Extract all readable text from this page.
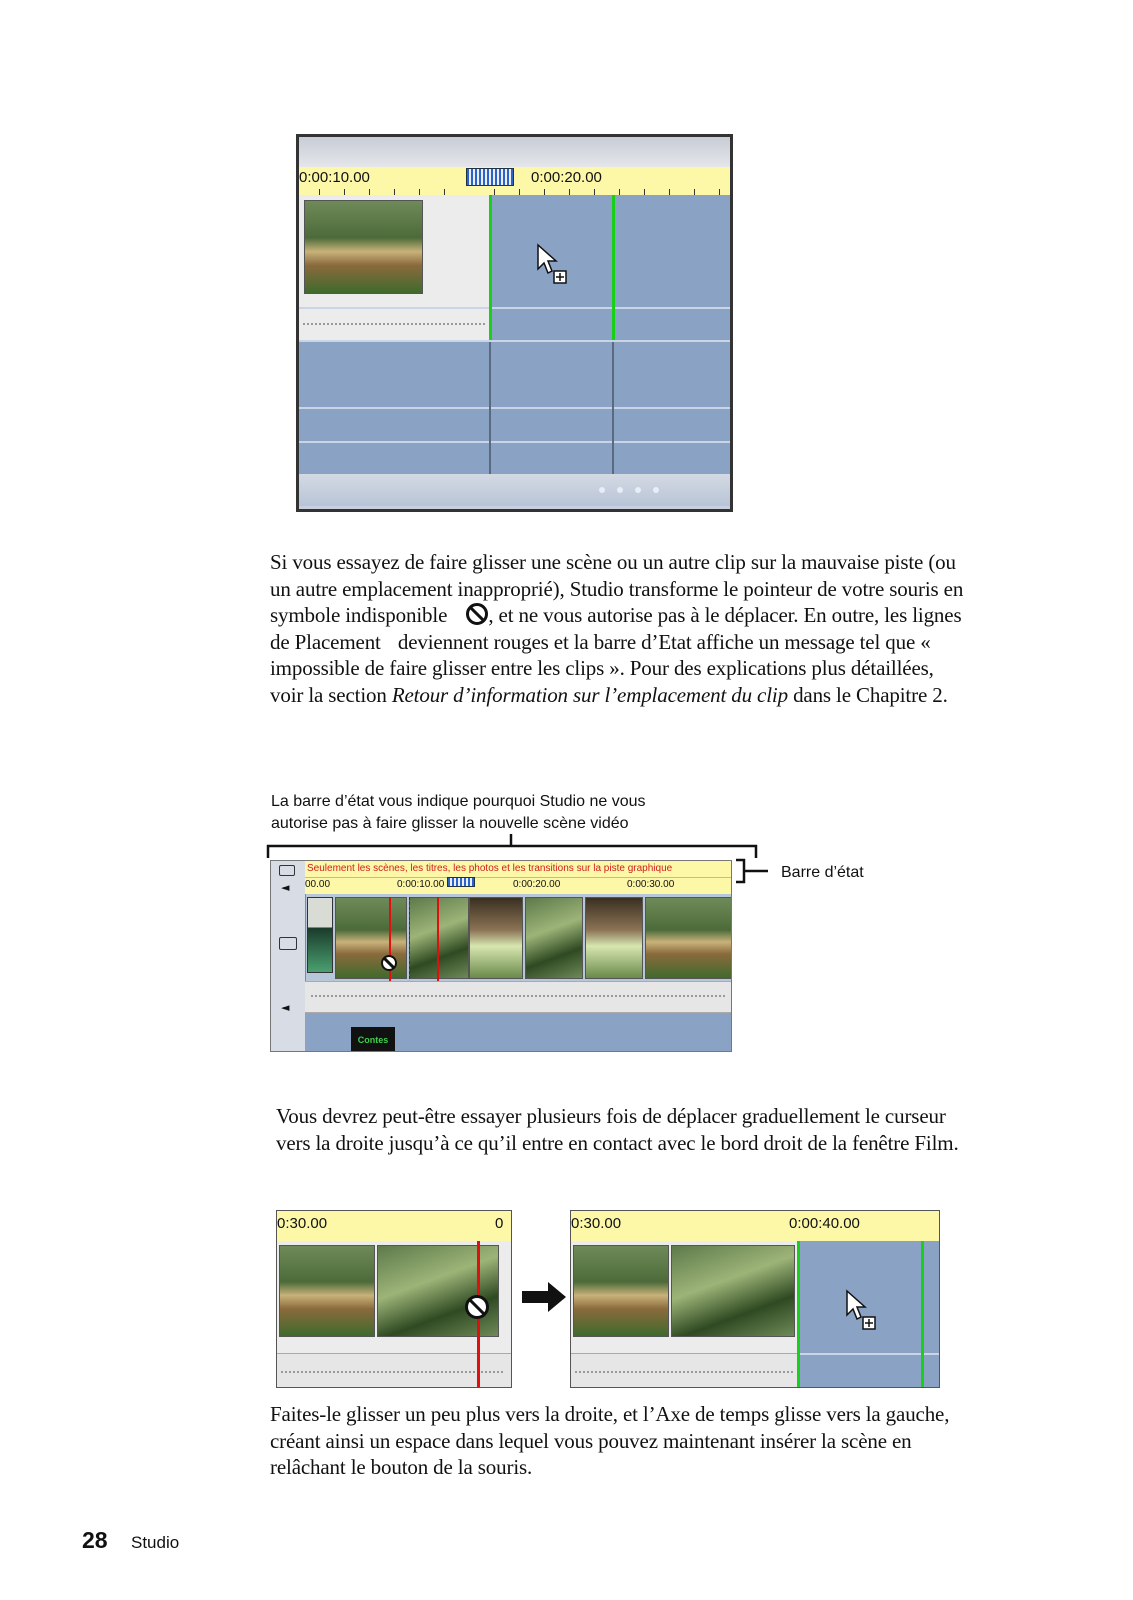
0:00:10.00	0:00:20.00
Si vous essayez de faire glisser une scène ou un autre clip sur la mauvaise piste (ou un autre emplacement inapproprié), Studio transforme le pointeur de votre souris en symbole indisponible , et ne vous autorise pas à le déplacer. En outre, les lignes de Placement deviennent rouges et la barre d’Etat affiche un message tel que « impossible de faire glisser entre les clips ». Pour des explications plus détaillées, voir la section Retour d’information sur l’emplacement du clip dans le Chapitre 2.
La barre d’état vous indique pourquoi Studio ne vous
autorise pas à faire glisser la nouvelle scène vidéo
Barre d’état
◄
◄
Seulement les scènes, les titres, les photos et les transitions sur la piste graphique
00.00	0:00:10.00	0:00:20.00	0:00:30.00
Contes
Vous devrez peut-être essayer plusieurs fois de déplacer graduellement le curseur vers la droite jusqu’à ce qu’il entre en contact avec le bord droit de la fenêtre Film.
0:30.00	0	0:30.00	0:00:40.00
Faites-le glisser un peu plus vers la droite, et l’Axe de temps glisse vers la gauche, créant ainsi un espace dans lequel vous pouvez maintenant insérer la scène en relâchant le bouton de la souris.
28 Studio
